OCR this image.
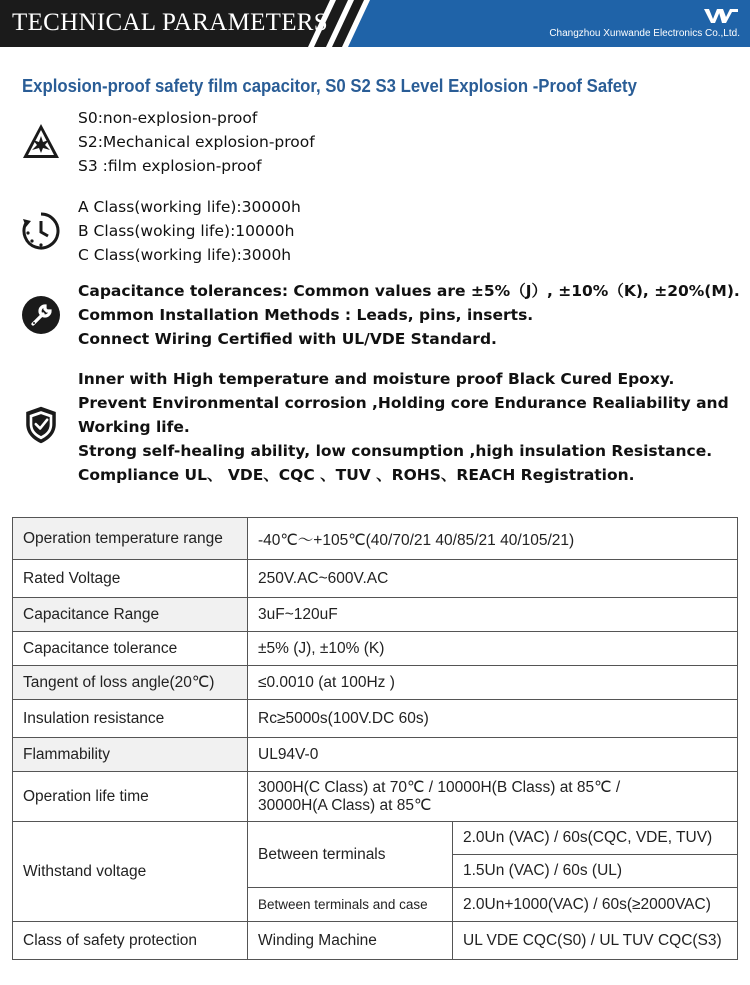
TECHNICAL PARAMETERS	Changzhou Xunwande Electronics Co.,Ltd.
Explosion-proof safety film capacitor, S0 S2 S3 Level Explosion -Proof Safety
S0:non-explosion-proof
S2:Mechanical explosion-proof
S3 :film explosion-proof
A Class(working life):30000h
B Class(woking life):10000h
C Class(working life):3000h
Capacitance tolerances: Common values are ±5%（J）, ±10%（K), ±20%(M).
Common Installation Methods : Leads, pins, inserts.
Connect Wiring Certified with UL/VDE Standard.
Inner with High temperature and moisture proof Black Cured Epoxy.
Prevent Environmental corrosion ,Holding core Endurance Realiability and
Working life.
Strong self-healing ability, low consumption ,high insulation Resistance.
Compliance UL、 VDE、CQC 、TUV 、ROHS、REACH Registration.
Operation temperature range	-40℃～+105℃(40/70/21 40/85/21 40/105/21)	
Rated Voltage	250V.AC~600V.AC	
Capacitance Range	3uF~120uF	
Capacitance tolerance	±5% (J), ±10% (K)	
Tangent of loss angle(20℃)	≤0.0010 (at 100Hz )	
Insulation resistance	Rc≥5000s(100V.DC 60s)	
Flammability	UL94V-0	
Operation life time	3000H(C Class) at 70℃ / 10000H(B Class) at 85℃ /
30000H(A Class) at 85℃	

Withstand voltage	Between terminals	2.0Un (VAC) / 60s(CQC, VDE, TUV)
		1.5Un (VAC) / 60s (UL)
	Between terminals and case	2.0Un+1000(VAC) / 60s(≥2000VAC)
Class of safety protection	Winding Machine	UL VDE CQC(S0) / UL TUV CQC(S3)
